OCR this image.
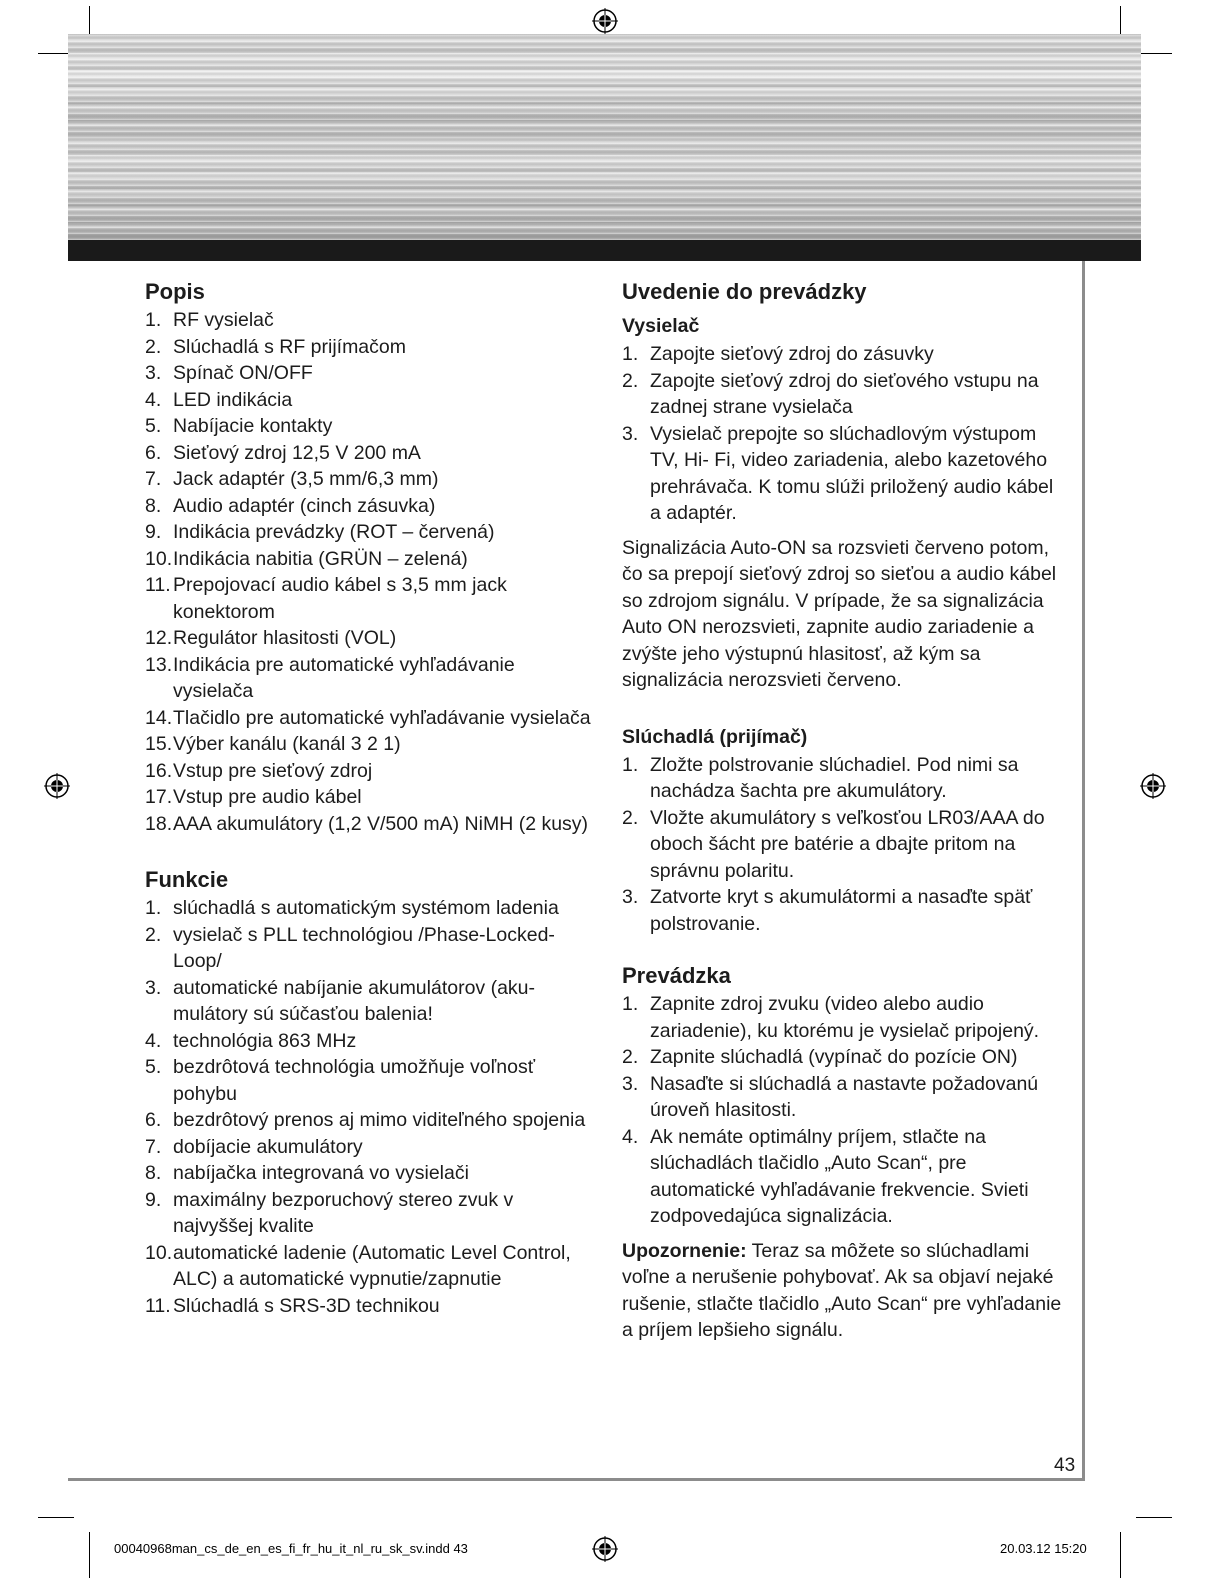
Popis
1. RF vysielač
2. Slúchadlá s RF prijímačom
3. Spínač ON/OFF
4. LED indikácia
5. Nabíjacie kontakty
6. Sieťový zdroj 12,5 V 200 mA
7. Jack adaptér (3,5 mm/6,3 mm)
8. Audio adaptér (cinch zásuvka)
9. Indikácia prevádzky (ROT – červená)
10. Indikácia nabitia (GRÜN – zelená)
11. Prepojovací audio kábel s 3,5 mm jack konektorom
12. Regulátor hlasitosti (VOL)
13. Indikácia pre automatické vyhľadávanie vysielača
14. Tlačidlo pre automatické vyhľadávanie vysielača
15. Výber kanálu (kanál 3 2 1)
16. Vstup pre sieťový zdroj
17. Vstup pre audio kábel
18. AAA akumulátory (1,2 V/500 mA) NiMH (2 kusy)
Funkcie
1. slúchadlá s automatickým systémom ladenia
2. vysielač s PLL technológiou /Phase-Locked-Loop/
3. automatické nabíjanie akumulátorov (aku-mulátory sú súčasťou balenia!
4. technológia 863 MHz
5. bezdrôtová technológia umožňuje voľnosť pohybu
6. bezdrôtový prenos aj mimo viditeľného spojenia
7. dobíjacie akumulátory
8. nabíjačka integrovaná vo vysielači
9. maximálny bezporuchový stereo zvuk v najvyššej kvalite
10. automatické ladenie (Automatic Level Control, ALC) a automatické vypnutie/zapnutie
11. Slúchadlá s SRS-3D technikou
Uvedenie do prevádzky
Vysielač
1. Zapojte sieťový zdroj do zásuvky
2. Zapojte sieťový zdroj do sieťového vstupu na zadnej strane vysielača
3. Vysielač prepojte so slúchadlovým výstupom TV, Hi- Fi, video zariadenia, alebo kazetového prehrávača. K tomu slúži priložený audio kábel a adaptér.

Signalizácia Auto-ON sa rozsvieti červeno potom, čo sa prepojí sieťový zdroj so sieťou a audio kábel so zdrojom signálu. V prípade, že sa signalizácia Auto ON nerozsvieti, zapnite audio zariadenie a zvýšte jeho výstupnú hlasitosť, až kým sa signalizácia nerozsvieti červeno.

Slúchadlá (prijímač)
1. Zložte polstrovanie slúchadiel. Pod nimi sa nachádza šachta pre akumulátory.
2. Vložte akumulátory s veľkosťou LR03/AAA do oboch šácht pre batérie a dbajte pritom na správnu polaritu.
3. Zatvorte kryt s akumulátormi a nasaďte späť polstrovanie.
Prevádzka
1. Zapnite zdroj zvuku (video alebo audio zariadenie), ku ktorému je vysielač pripojený.
2. Zapnite slúchadlá (vypínač do pozície ON)
3. Nasaďte si slúchadlá a nastavte požadovanú úroveň hlasitosti.
4. Ak nemáte optimálny príjem, stlačte na slúchadlách tlačidlo „Auto Scan“, pre automatické vyhľadávanie frekvencie. Svieti zodpovedajúca signalizácia.

Upozornenie: Teraz sa môžete so slúchadlami voľne a nerušenie pohybovať. Ak sa objaví nejaké rušenie, stlačte tlačidlo „Auto Scan“ pre vyhľadanie a príjem lepšieho signálu.

43
00040968man_cs_de_en_es_fi_fr_hu_it_nl_ru_sk_sv.indd 43	20.03.12 15:20
